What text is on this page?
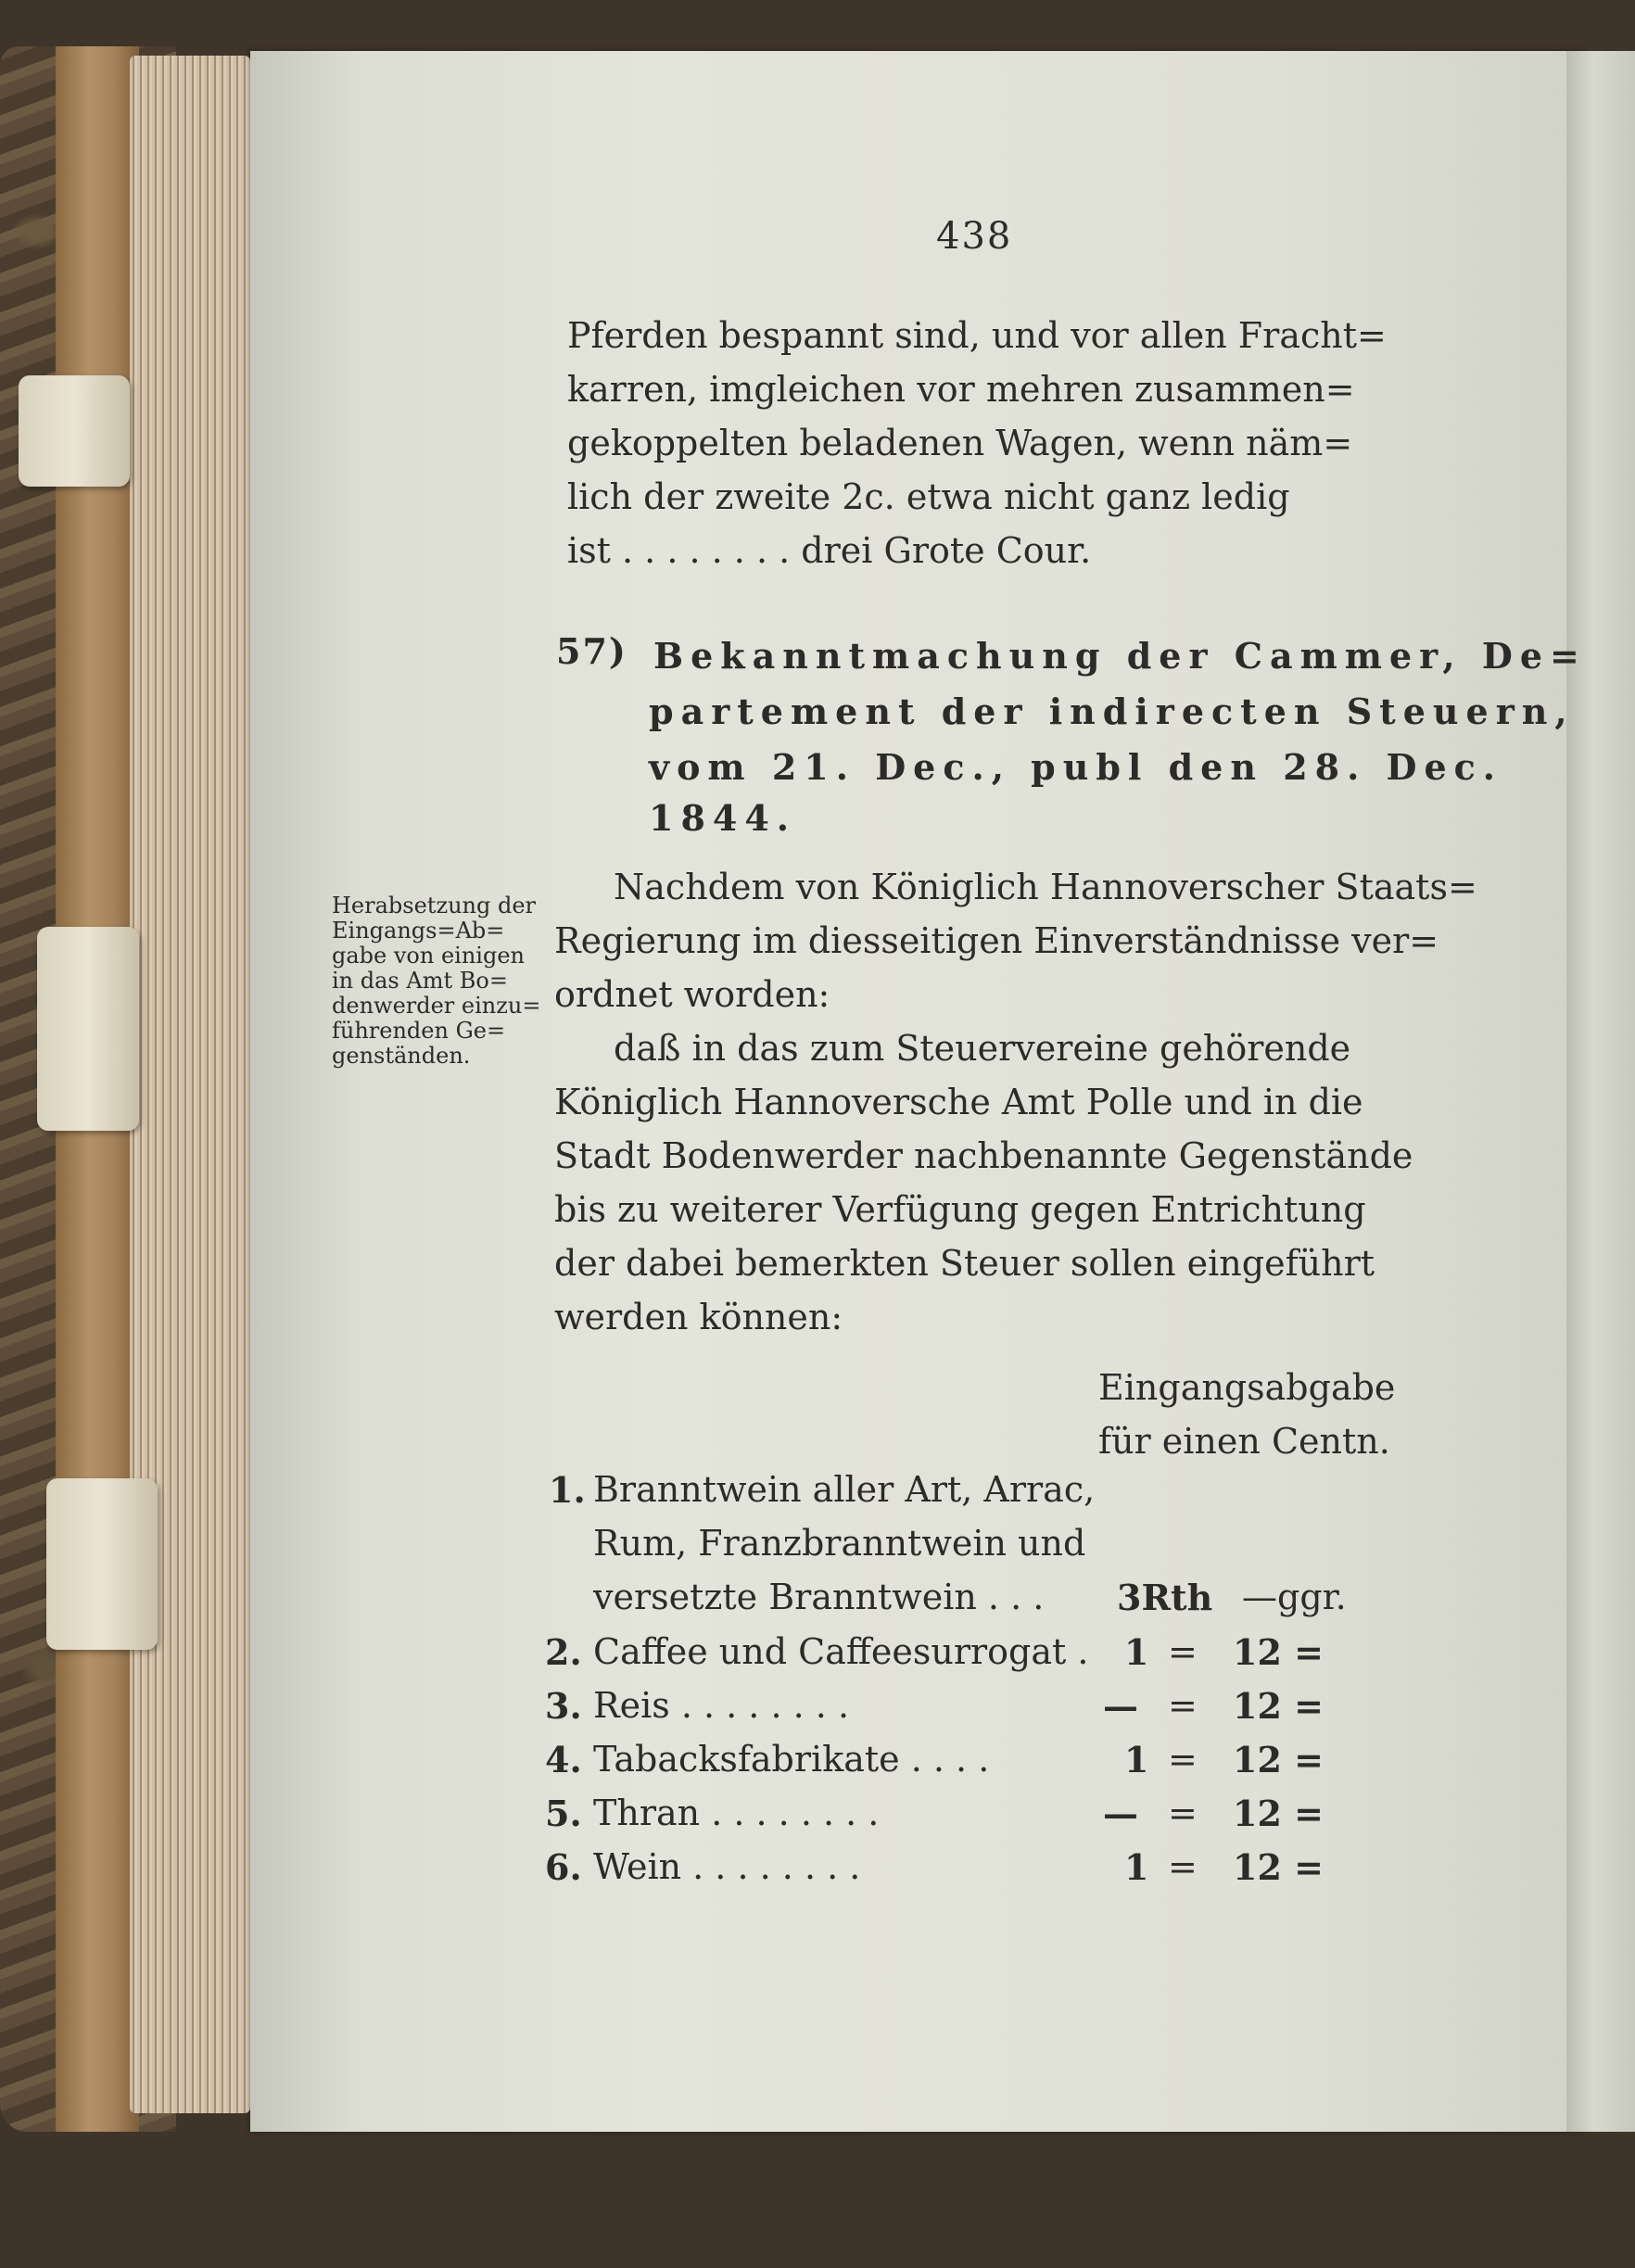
438
Pferden bespannt sind, und vor allen Fracht=
karren, imgleichen vor mehren zusammen=
gekoppelten beladenen Wagen, wenn näm=
lich der zweite 2c. etwa nicht ganz ledig
ist . . . . . . . . drei Grote Cour.
57) Bekanntmachung der Cammer, De=
partement der indirecten Steuern,
vom 21. Dec., publ den 28. Dec.
1844.
Herabsetzung der
Eingangs=Ab=
gabe von einigen
in das Amt Bo=
denwerder einzu=
führenden Ge=
genständen.
Nachdem von Königlich Hannoverscher Staats=
Regierung im diesseitigen Einverständnisse ver=
ordnet worden:
daß in das zum Steuervereine gehörende
Königlich Hannoversche Amt Polle und in die
Stadt Bodenwerder nachbenannte Gegenstände
bis zu weiterer Verfügung gegen Entrichtung
der dabei bemerkten Steuer sollen eingeführt
werden können:
Eingangsabgabe
für einen Centn.
1. Branntwein aller Art, Arrac,
Rum, Franzbranntwein und
versetzte Branntwein . . . 3Rth —ggr.
2. Caffee und Caffeesurrogat . 1 = 12 =
3. Reis . . . . . . . .	— = 12 =
4. Tabacksfabrikate . . . .	1 = 12 =
5. Thran . . . . . . . .	— = 12 =
6. Wein . . . . . . . .	1 = 12 =
